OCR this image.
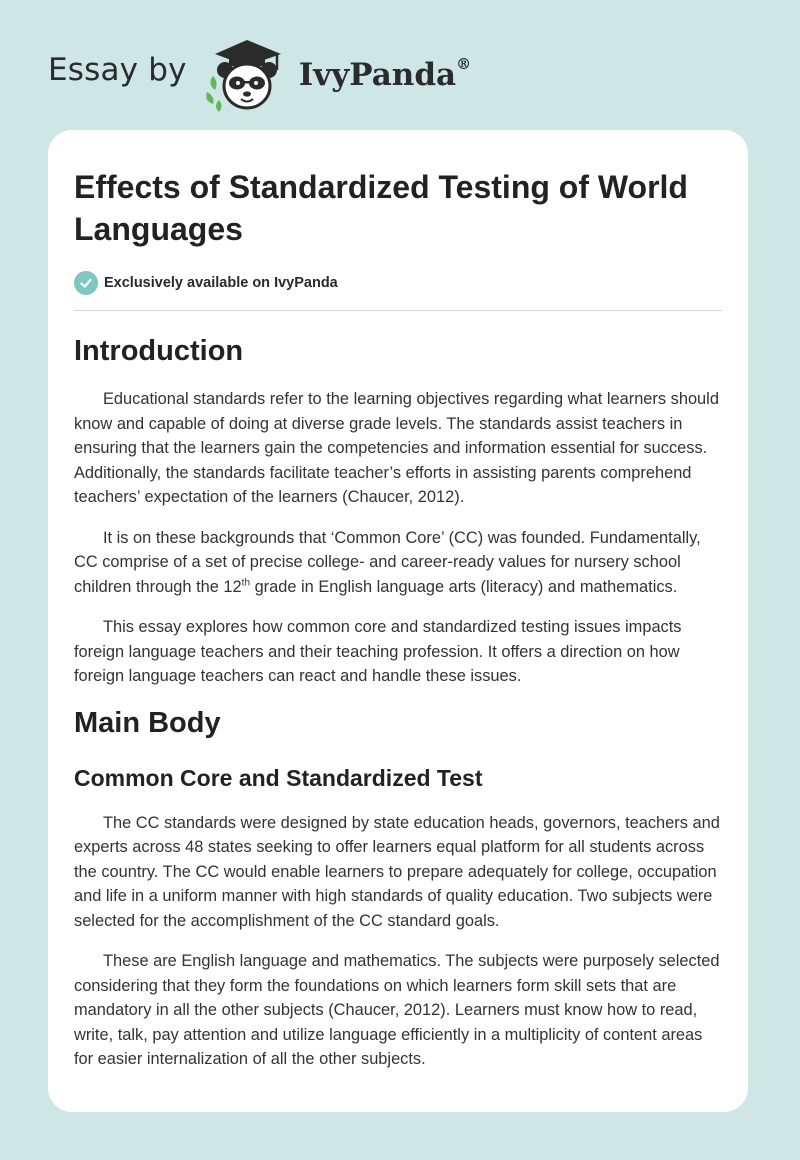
Essay by	IvyPanda®
Effects of Standardized Testing of World Languages
Exclusively available on IvyPanda
Introduction

Educational standards refer to the learning objectives regarding what learners should know and capable of doing at diverse grade levels. The standards assist teachers in ensuring that the learners gain the competencies and information essential for success. Additionally, the standards facilitate teacher’s efforts in assisting parents comprehend teachers’ expectation of the learners (Chaucer, 2012).

It is on these backgrounds that ‘Common Core’ (CC) was founded. Fundamentally, CC comprise of a set of precise college- and career-ready values for nursery school children through the 12th grade in English language arts (literacy) and mathematics.

This essay explores how common core and standardized testing issues impacts foreign language teachers and their teaching profession. It offers a direction on how foreign language teachers can react and handle these issues.

Main Body
Common Core and Standardized Test

The CC standards were designed by state education heads, governors, teachers and experts across 48 states seeking to offer learners equal platform for all students across the country. The CC would enable learners to prepare adequately for college, occupation and life in a uniform manner with high standards of quality education. Two subjects were selected for the accomplishment of the CC standard goals.

These are English language and mathematics. The subjects were purposely selected considering that they form the foundations on which learners form skill sets that are mandatory in all the other subjects (Chaucer, 2012). Learners must know how to read, write, talk, pay attention and utilize language efficiently in a multiplicity of content areas for easier internalization of all the other subjects.
